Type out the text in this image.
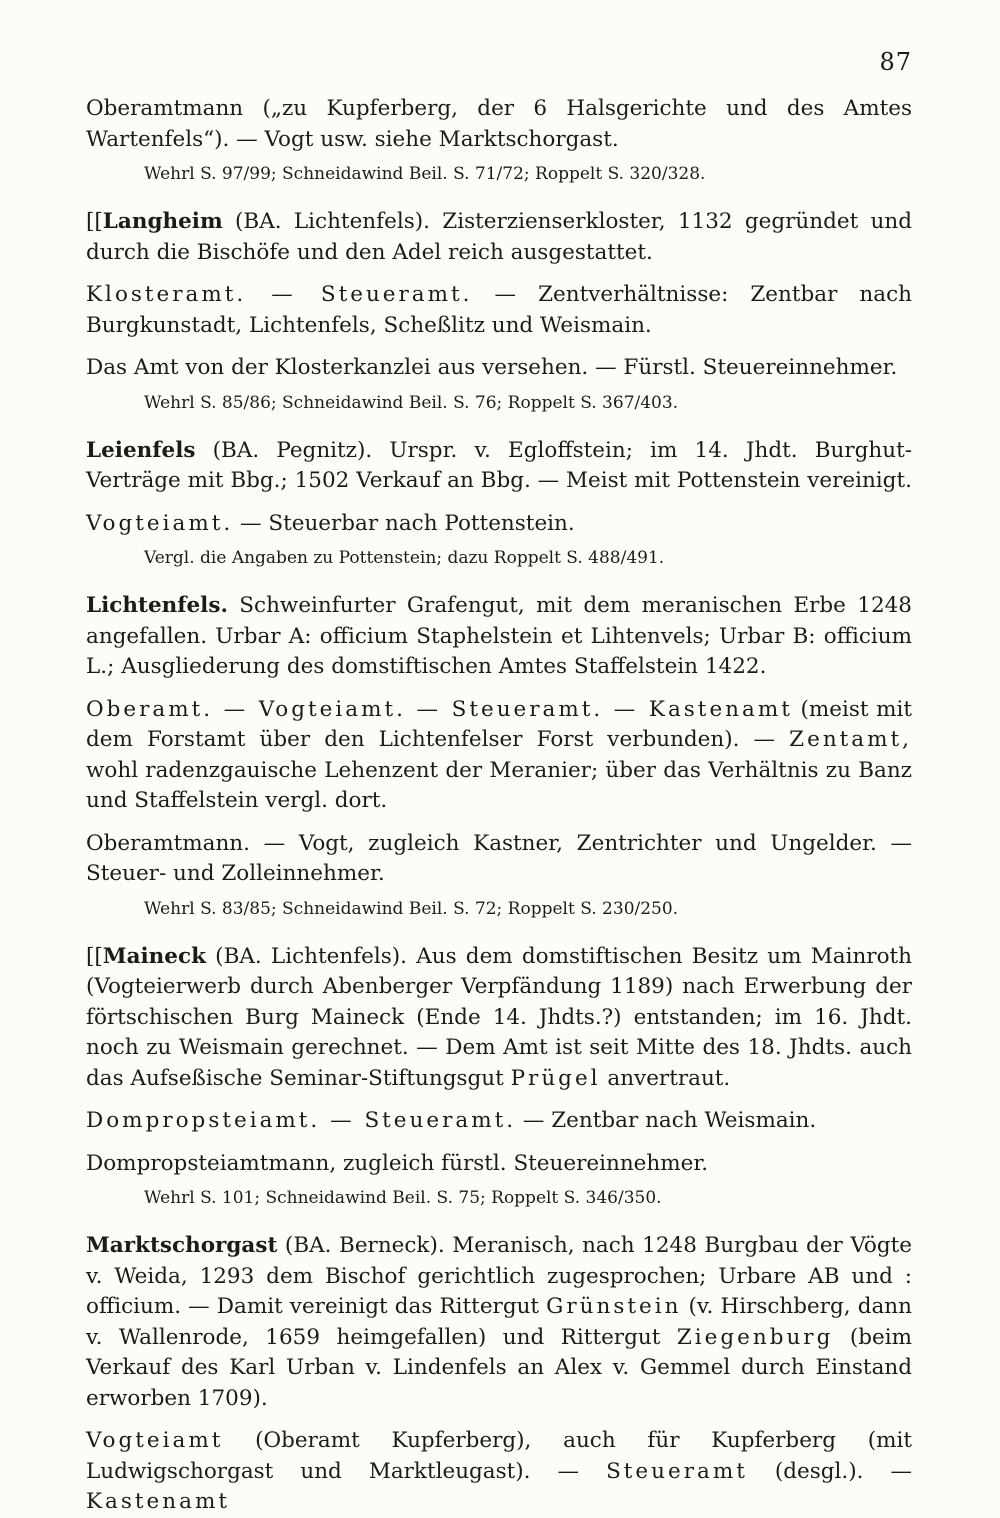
87

Oberamtmann („zu Kupferberg, der 6 Halsgerichte und des Amtes Wartenfels“). — Vogt usw. siehe Marktschorgast.

Wehrl S. 97/99; Schneidawind Beil. S. 71/72; Roppelt S. 320/328.

[[Langheim (BA. Lichtenfels). Zisterzienserkloster, 1132 gegründet und durch die Bischöfe und den Adel reich ausgestattet.

Klosteramt. — Steueramt. — Zentverhältnisse: Zentbar nach Burgkunstadt, Lichtenfels, Scheßlitz und Weismain.

Das Amt von der Klosterkanzlei aus versehen. — Fürstl. Steuereinnehmer.

Wehrl S. 85/86; Schneidawind Beil. S. 76; Roppelt S. 367/403.

Leienfels (BA. Pegnitz). Urspr. v. Egloffstein; im 14. Jhdt. Burghut-Verträge mit Bbg.; 1502 Verkauf an Bbg. — Meist mit Pottenstein vereinigt.

Vogteiamt. — Steuerbar nach Pottenstein.

Vergl. die Angaben zu Pottenstein; dazu Roppelt S. 488/491.

Lichtenfels. Schweinfurter Grafengut, mit dem meranischen Erbe 1248 angefallen. Urbar A: officium Staphelstein et Lihtenvels; Urbar B: officium L.; Ausgliederung des domstiftischen Amtes Staffelstein 1422.

Oberamt. — Vogteiamt. — Steueramt. — Kastenamt (meist mit dem Forstamt über den Lichtenfelser Forst verbunden). — Zentamt, wohl radenzgauische Lehenzent der Meranier; über das Verhältnis zu Banz und Staffelstein vergl. dort.

Oberamtmann. — Vogt, zugleich Kastner, Zentrichter und Ungelder. — Steuer- und Zolleinnehmer.

Wehrl S. 83/85; Schneidawind Beil. S. 72; Roppelt S. 230/250.

[[Maineck (BA. Lichtenfels). Aus dem domstiftischen Besitz um Mainroth (Vogteierwerb durch Abenberger Verpfändung 1189) nach Erwerbung der förtschischen Burg Maineck (Ende 14. Jhdts.?) entstanden; im 16. Jhdt. noch zu Weismain gerechnet. — Dem Amt ist seit Mitte des 18. Jhdts. auch das Aufseßische Seminar-Stiftungsgut Prügel anvertraut.

Dompropsteiamt. — Steueramt. — Zentbar nach Weismain.

Dompropsteiamtmann, zugleich fürstl. Steuereinnehmer.

Wehrl S. 101; Schneidawind Beil. S. 75; Roppelt S. 346/350.

Marktschorgast (BA. Berneck). Meranisch, nach 1248 Burgbau der Vögte v. Weida, 1293 dem Bischof gerichtlich zugesprochen; Urbare AB und : officium. — Damit vereinigt das Rittergut Grünstein (v. Hirschberg, dann v. Wallenrode, 1659 heimgefallen) und Rittergut Ziegenburg (beim Verkauf des Karl Urban v. Lindenfels an Alex v. Gemmel durch Einstand erworben 1709).

Vogteiamt (Oberamt Kupferberg), auch für Kupferberg (mit Ludwigschorgast und Marktleugast). — Steueramt (desgl.). — Kastenamt
